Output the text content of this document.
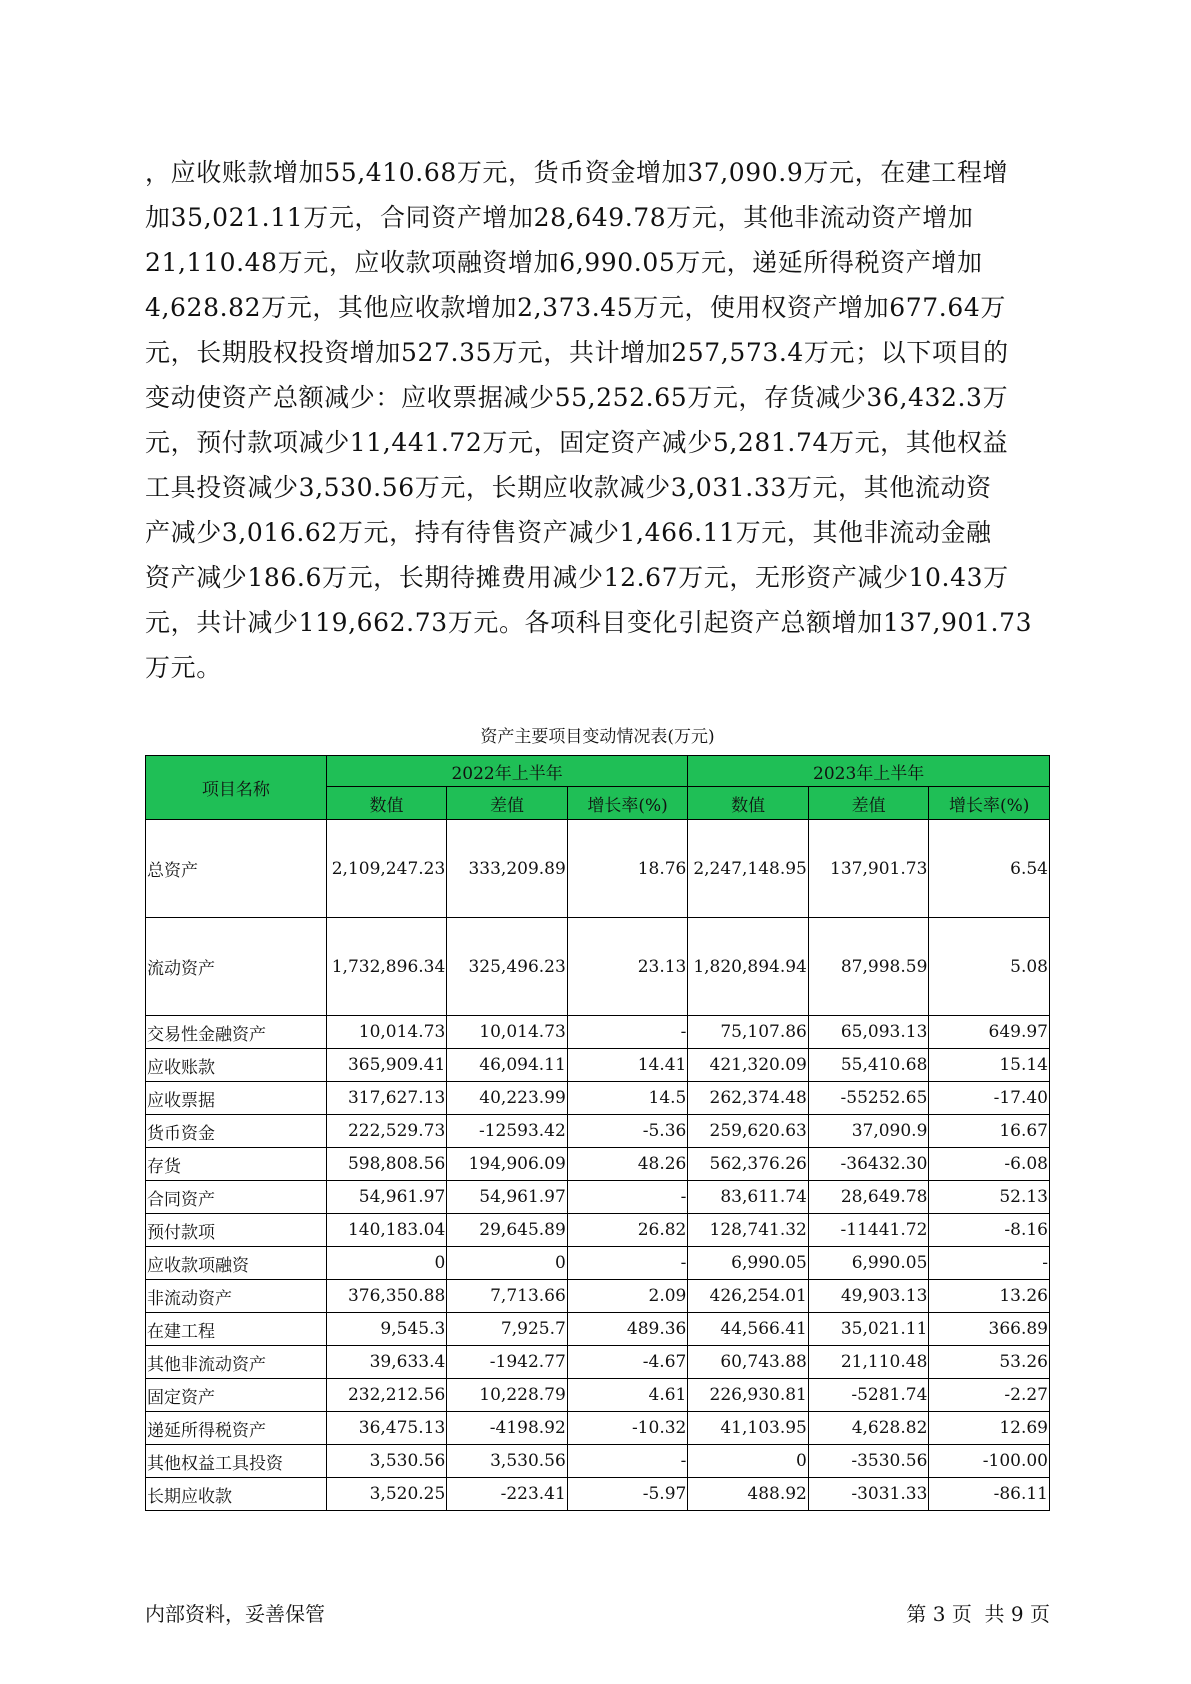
，应收账款增加55,410.68万元，货币资金增加37,090.9万元，在建工程增

加35,021.11万元，合同资产增加28,649.78万元，其他非流动资产增加

21,110.48万元，应收款项融资增加6,990.05万元，递延所得税资产增加

4,628.82万元，其他应收款增加2,373.45万元，使用权资产增加677.64万

元，长期股权投资增加527.35万元，共计增加257,573.4万元；以下项目的

变动使资产总额减少：应收票据减少55,252.65万元，存货减少36,432.3万

元，预付款项减少11,441.72万元，固定资产减少5,281.74万元，其他权益

工具投资减少3,530.56万元，长期应收款减少3,031.33万元，其他流动资

产减少3,016.62万元，持有待售资产减少1,466.11万元，其他非流动金融

资产减少186.6万元，长期待摊费用减少12.67万元，无形资产减少10.43万

元，共计减少119,662.73万元。各项科目变化引起资产总额增加137,901.73

万元。

资产主要项目变动情况表(万元)
项目名称	2022年上半年			2023年上半年		
	数值	差值	增长率(%)	数值	差值	增长率(%)
总资产	2,109,247.23	333,209.89	18.76	2,247,148.95	137,901.73	6.54
流动资产	1,732,896.34	325,496.23	23.13	1,820,894.94	87,998.59	5.08
交易性金融资产	10,014.73	10,014.73	-	75,107.86	65,093.13	649.97
应收账款	365,909.41	46,094.11	14.41	421,320.09	55,410.68	15.14
应收票据	317,627.13	40,223.99	14.5	262,374.48	-55252.65	-17.40
货币资金	222,529.73	-12593.42	-5.36	259,620.63	37,090.9	16.67
存货	598,808.56	194,906.09	48.26	562,376.26	-36432.30	-6.08
合同资产	54,961.97	54,961.97	-	83,611.74	28,649.78	52.13
预付款项	140,183.04	29,645.89	26.82	128,741.32	-11441.72	-8.16
应收款项融资	0	0	-	6,990.05	6,990.05	-
非流动资产	376,350.88	7,713.66	2.09	426,254.01	49,903.13	13.26
在建工程	9,545.3	7,925.7	489.36	44,566.41	35,021.11	366.89
其他非流动资产	39,633.4	-1942.77	-4.67	60,743.88	21,110.48	53.26
固定资产	232,212.56	10,228.79	4.61	226,930.81	-5281.74	-2.27
递延所得税资产	36,475.13	-4198.92	-10.32	41,103.95	4,628.82	12.69
其他权益工具投资	3,530.56	3,530.56	-	0	-3530.56	-100.00
长期应收款	3,520.25	-223.41	-5.97	488.92	-3031.33	-86.11
内部资料，妥善保管	第 3 页  共 9 页
